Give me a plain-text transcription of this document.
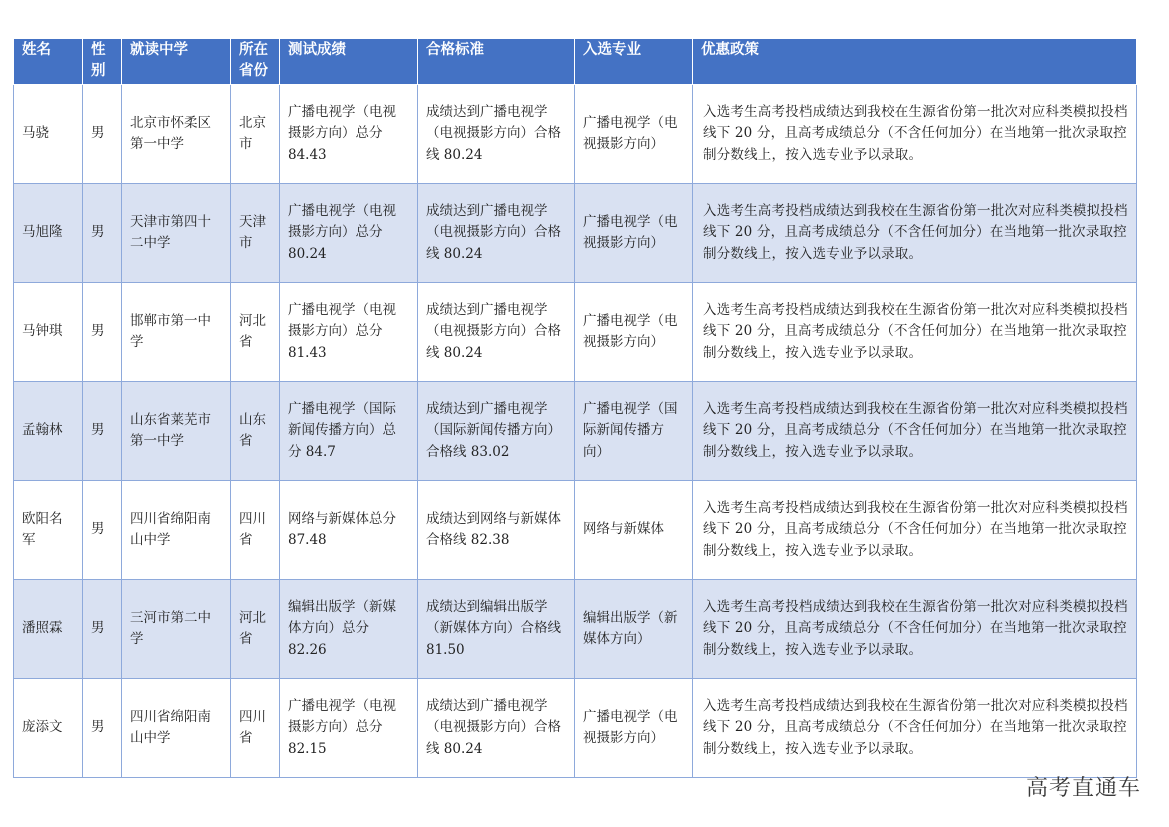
姓名	性别	就读中学	所在省份	测试成绩	合格标准	入选专业	优惠政策
马骁	男	北京市怀柔区第一中学	北京市	广播电视学（电视摄影方向）总分 84.43	成绩达到广播电视学（电视摄影方向）合格线 80.24	广播电视学（电视摄影方向）	入选考生高考投档成绩达到我校在生源省份第一批次对应科类模拟投档线下 20 分，且高考成绩总分（不含任何加分）在当地第一批次录取控制分数线上，按入选专业予以录取。
马旭隆	男	天津市第四十二中学	天津市	广播电视学（电视摄影方向）总分 80.24	成绩达到广播电视学（电视摄影方向）合格线 80.24	广播电视学（电视摄影方向）	入选考生高考投档成绩达到我校在生源省份第一批次对应科类模拟投档线下 20 分，且高考成绩总分（不含任何加分）在当地第一批次录取控制分数线上，按入选专业予以录取。
马钟琪	男	邯郸市第一中学	河北省	广播电视学（电视摄影方向）总分 81.43	成绩达到广播电视学（电视摄影方向）合格线 80.24	广播电视学（电视摄影方向）	入选考生高考投档成绩达到我校在生源省份第一批次对应科类模拟投档线下 20 分，且高考成绩总分（不含任何加分）在当地第一批次录取控制分数线上，按入选专业予以录取。
孟翰林	男	山东省莱芜市第一中学	山东省	广播电视学（国际新闻传播方向）总分 84.7	成绩达到广播电视学（国际新闻传播方向）合格线 83.02	广播电视学（国际新闻传播方向）	入选考生高考投档成绩达到我校在生源省份第一批次对应科类模拟投档线下 20 分，且高考成绩总分（不含任何加分）在当地第一批次录取控制分数线上，按入选专业予以录取。
欧阳名军	男	四川省绵阳南山中学	四川省	网络与新媒体总分 87.48	成绩达到网络与新媒体合格线 82.38	网络与新媒体	入选考生高考投档成绩达到我校在生源省份第一批次对应科类模拟投档线下 20 分，且高考成绩总分（不含任何加分）在当地第一批次录取控制分数线上，按入选专业予以录取。
潘照霖	男	三河市第二中学	河北省	编辑出版学（新媒体方向）总分 82.26	成绩达到编辑出版学（新媒体方向）合格线 81.50	编辑出版学（新媒体方向）	入选考生高考投档成绩达到我校在生源省份第一批次对应科类模拟投档线下 20 分，且高考成绩总分（不含任何加分）在当地第一批次录取控制分数线上，按入选专业予以录取。
庞添文	男	四川省绵阳南山中学	四川省	广播电视学（电视摄影方向）总分 82.15	成绩达到广播电视学（电视摄影方向）合格线 80.24	广播电视学（电视摄影方向）	入选考生高考投档成绩达到我校在生源省份第一批次对应科类模拟投档线下 20 分，且高考成绩总分（不含任何加分）在当地第一批次录取控制分数线上，按入选专业予以录取。
高考直通车
